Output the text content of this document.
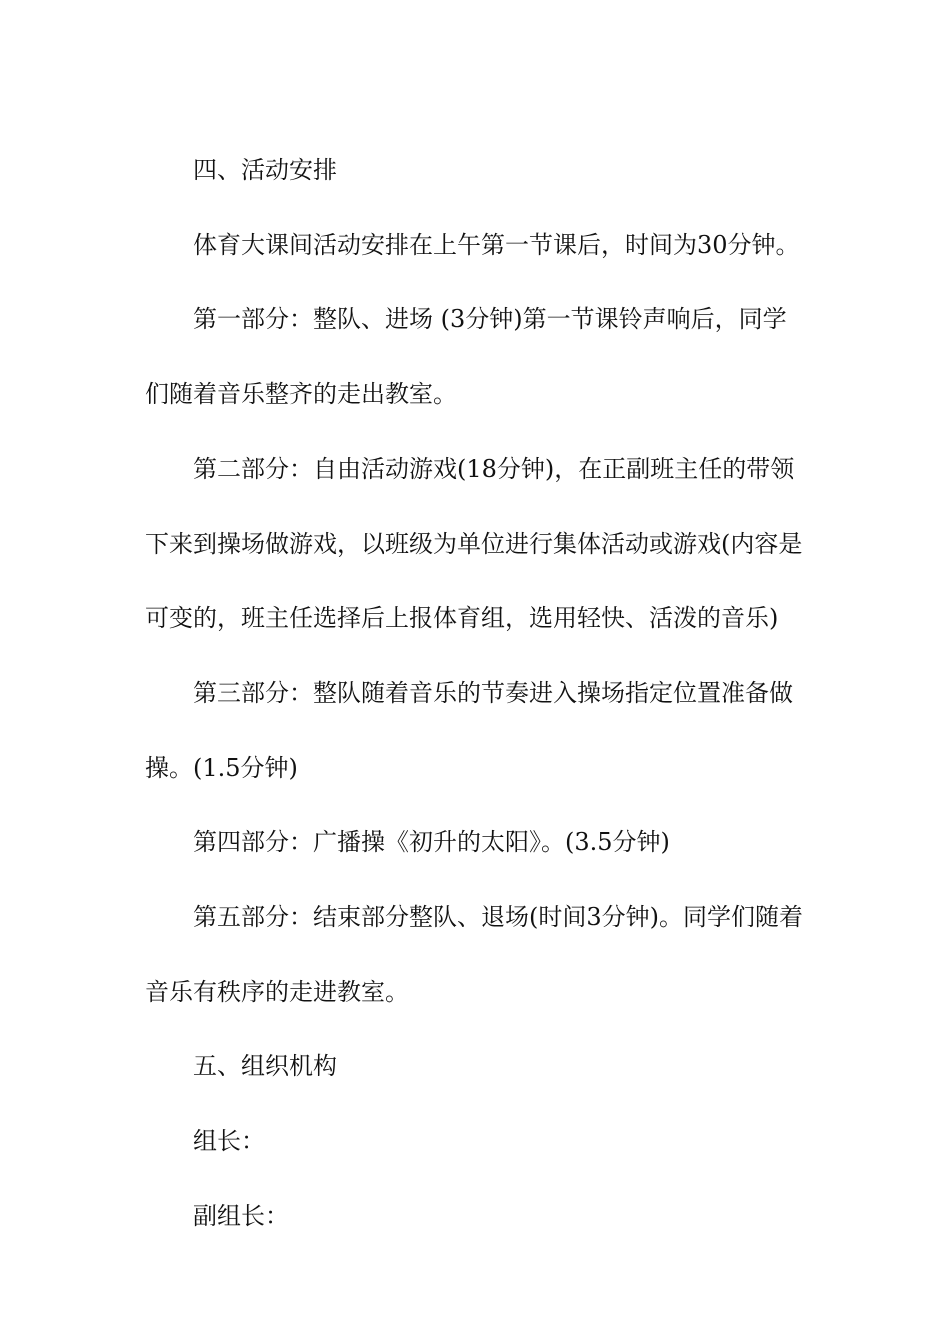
四、活动安排

体育大课间活动安排在上午第一节课后，时间为30分钟。

第一部分：整队、进场 (3分钟)第一节课铃声响后，同学们随着音乐整齐的走出教室。

第二部分：自由活动游戏(18分钟)，在正副班主任的带领下来到操场做游戏，以班级为单位进行集体活动或游戏(内容是可变的，班主任选择后上报体育组，选用轻快、活泼的音乐)

第三部分：整队随着音乐的节奏进入操场指定位置准备做操。(1.5分钟)

第四部分：广播操《初升的太阳》。(3.5分钟)

第五部分：结束部分整队、退场(时间3分钟)。同学们随着音乐有秩序的走进教室。

五、组织机构

组长：

副组长：
